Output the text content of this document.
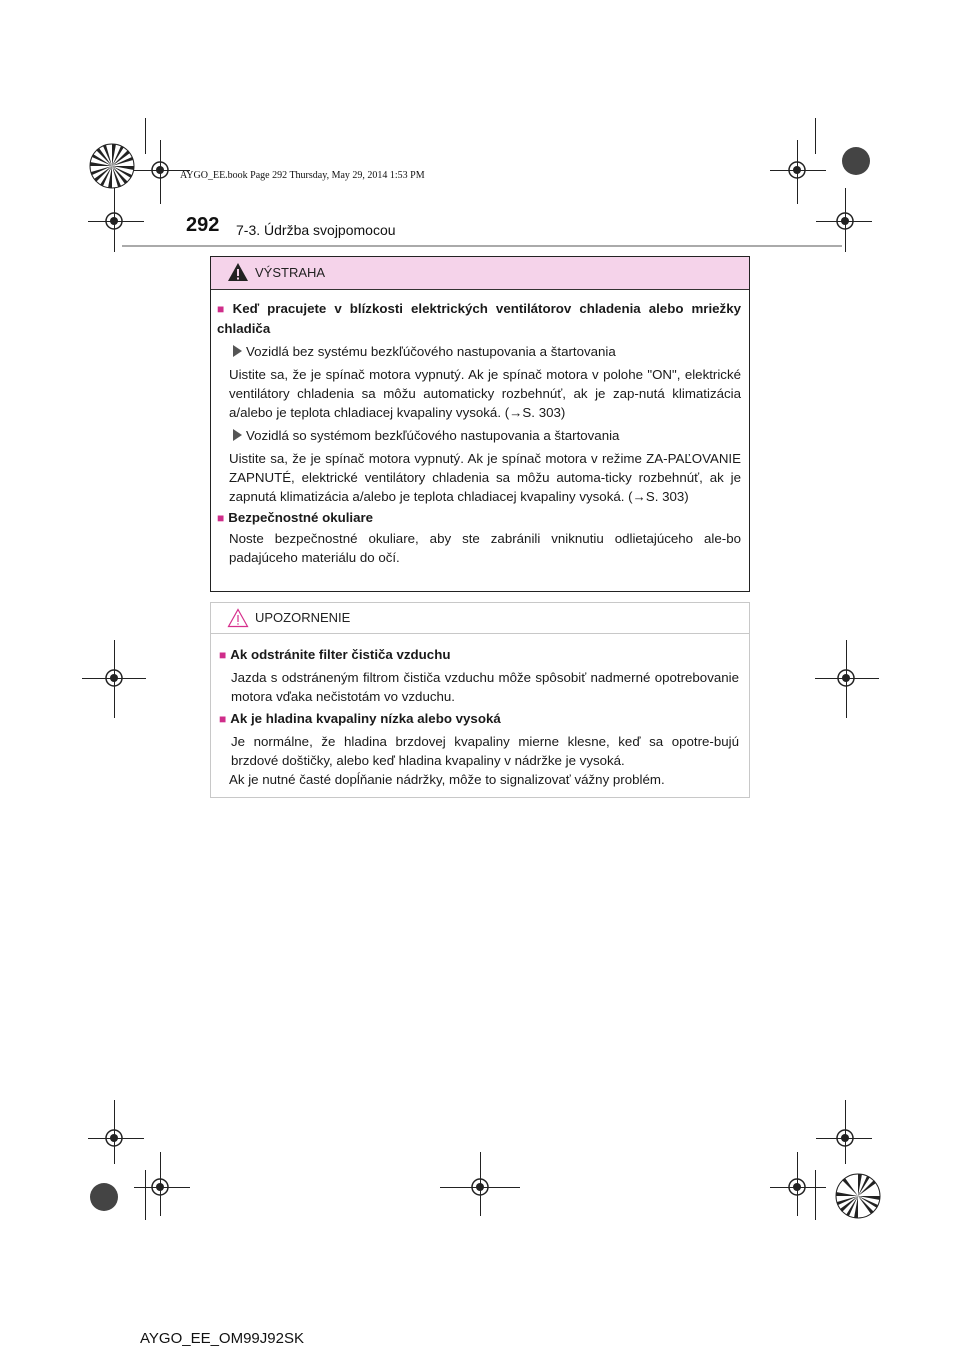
AYGO_EE.book Page 292 Thursday, May 29, 2014 1:53 PM
292 7-3. Údržba svojpomocou
VÝSTRAHA
■ Keď pracujete v blízkosti elektrických ventilátorov chladenia alebo mriežky chladiča
Vozidlá bez systému bezkľúčového nastupovania a štartovania
Uistite sa, že je spínač motora vypnutý. Ak je spínač motora v polohe "ON", elektrické ventilátory chladenia sa môžu automaticky rozbehnúť, ak je zap-nutá klimatizácia a/alebo je teplota chladiacej kvapaliny vysoká. (→S. 303)
Vozidlá so systémom bezkľúčového nastupovania a štartovania
Uistite sa, že je spínač motora vypnutý. Ak je spínač motora v režime ZA-PAĽOVANIE ZAPNUTÉ, elektrické ventilátory chladenia sa môžu automa-ticky rozbehnúť, ak je zapnutá klimatizácia a/alebo je teplota chladiacej kvapaliny vysoká. (→S. 303)
■ Bezpečnostné okuliare
Noste bezpečnostné okuliare, aby ste zabránili vniknutiu odlietajúceho ale-bo padajúceho materiálu do očí.
UPOZORNENIE
■ Ak odstránite filter čističa vzduchu
Jazda s odstráneným filtrom čističa vzduchu môže spôsobiť nadmerné opotrebovanie motora vďaka nečistotám vo vzduchu.
■ Ak je hladina kvapaliny nízka alebo vysoká
Je normálne, že hladina brzdovej kvapaliny mierne klesne, keď sa opotre-bujú brzdové doštičky, alebo keď hladina kvapaliny v nádržke je vysoká.
Ak je nutné časté dopĺňanie nádržky, môže to signalizovať vážny problém.
AYGO_EE_OM99J92SK
